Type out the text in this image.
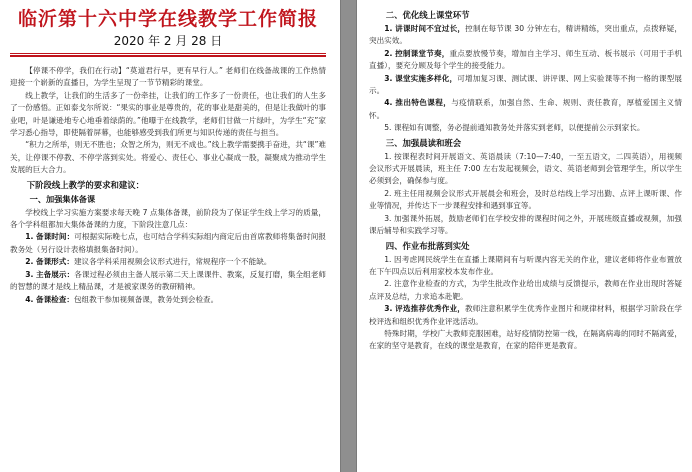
临沂第十六中学在线教学工作简报
2020 年 2 月 28 日

【停课不停学，我们在行动】“莫道君行早，更有早行人。” 老师们在线备战课的工作热情迎接一个崭新的直播日，为学生呈现了一节节精彩的课堂。

线上教学，让我们的生活多了一份牵挂，让我们的工作多了一份责任，也让我们的人生多了一份感悟。正如泰戈尔所说：“果实的事业是尊贵的，花的事业是甜美的，但是让我做叶的事业吧，叶是谦逊地专心地垂着绿荫的。”他曝于在线教学，老师们甘做一片绿叶，为学生“充”家学习悉心指导，即使隔着屏幕，也能够感受到我们所更与知识传递的责任与担当。

“积力之所举，则无不胜也；众智之所为，则无不成也。”线上教学需要携手奋进，共“课”难关，让停课不停教、不停学落到实处。将爱心、责任心、事业心凝成一股，凝聚成为推动学生发展的巨大合力。

下阶段线上教学的要求和建议：
一、加强集体备课

学校线上学习实施方案要求每天晚 7 点集体备课，前阶段为了保证学生线上学习的质量，各个学科组都加大集体备课的力度，下阶段注意几点：

1. 备课时间：可根据实际晚七点，也可结合学科实际组内商定后由首席教师将集备时间报教务处（另行设计表格填报集备时间）。

2. 备课形式：建议各学科采用视频会议形式进行，常规程序一个不能缺。

3. 主备展示：各课过程必须由主备人展示第二天上课课件、教案，反复打磨，集全组老师的智慧的课才是线上精品课，才是被家课务的教研精神。

4. 备课检查：包组教干参加视频备课，教务处到会检查。

二、优化线上课堂环节

1. 讲课时间不宜过长，控制在每节课 30 分钟左右，精讲精练，突出重点，点拨释疑，突出实效。

2. 控制课堂节奏，重点要放慢节奏，增加自主学习、师生互动、板书展示（可用于手机直播），要充分顾及每个学生的接受能力。

3. 课堂实施多样化，可增加复习课、测试课、讲评课、网上实验课等不拘一格的课型展示。

4. 推出特色课程，与疫情联系，加强自然、生命、规则、责任教育，厚植爱国主义情怀。

5. 课程如有调整，务必提前通知教务处并落实到老师，以便提前公示到家长。

三、加强晨读和班会

1. 按课程表时间开展语文、英语晨读（7:10—7:40，一至五语文，二四英语），用视频会议形式开展晨读，班主任 7:00 左右发起视频会，语文、英语老师到会管理学生，所以学生必须到会，确保参与度。

2. 班主任用视频会议形式开展晨会和班会，及时总结线上学习出勤、点评上课听课、作业等情况，并传达下一步课程安排和遇到事宜等。

3. 加强课外拓展，鼓励老师们在学校安排的课程时间之外，开展班级直播或视频，加强课后辅导和实践学习等。

四、作业布批落到实处

1. 因考虑网民统学生在直播上课期间有与听课内容无关的作业，建议老师将作业布置放在下午四点以后利用家校本发布作业。

2. 注意作业检查的方式，为学生批改作业给出成绩与反馈提示，教师在作业出现时答疑点评及总结，力求追本赴靶。

3. 评选推荐优秀作业，教师注意积累学生优秀作业图片和规律材料，根据学习阶段在学校评选和组织优秀作业评选活动。

特殊时期，学校广大教师克服困难，站好疫情防控第一线，在隔离病毒的同时不隔离爱，在家的坚守是教育，在线的课堂是教育，在家的陪伴更是教育。
